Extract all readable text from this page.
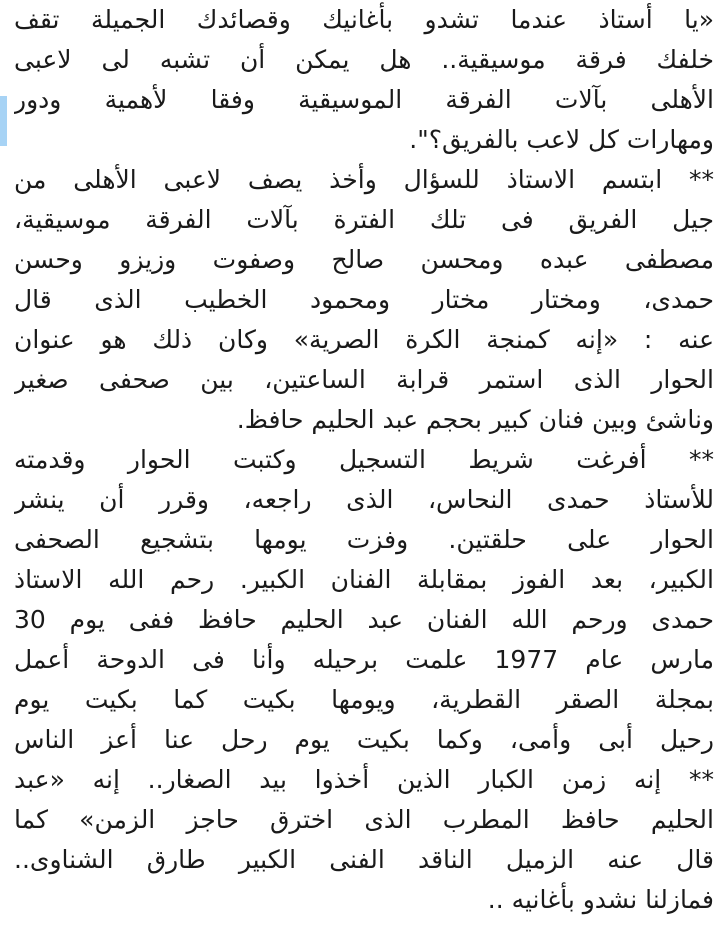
«يا أستاذ عندما تشدو بأغانيك وقصائدك الجميلة تقف
خلفك فرقة موسيقية.. هل يمكن أن تشبه لى لاعبى
الأهلى بآلات الفرقة الموسيقية وفقا لأهمية ودور
ومهارات كل لاعب بالفريق؟".
** ابتسم الاستاذ للسؤال وأخذ يصف لاعبى الأهلى من
جيل الفريق فى تلك الفترة بآلات الفرقة موسيقية،
مصطفى عبده ومحسن صالح وصفوت وزيزو وحسن
حمدى، ومختار مختار ومحمود الخطيب الذى قال
عنه : «إنه كمنجة الكرة الصرية» وكان ذلك هو عنوان
الحوار الذى استمر قرابة الساعتين، بين صحفى صغير
وناشئ وبين فنان كبير بحجم عبد الحليم حافظ.
** أفرغت شريط التسجيل وكتبت الحوار وقدمته
للأستاذ حمدى النحاس، الذى راجعه، وقرر أن ينشر
الحوار على حلقتين. وفزت يومها بتشجيع الصحفى
الكبير، بعد الفوز بمقابلة الفنان الكبير. رحم الله الاستاذ
حمدى ورحم الله الفنان عبد الحليم حافظ ففى يوم 30
مارس عام 1977 علمت برحيله وأنا فى الدوحة أعمل
بمجلة الصقر القطرية، ويومها بكيت كما بكيت يوم
رحيل أبى وأمى، وكما بكيت يوم رحل عنا أعز الناس
** إنه زمن الكبار الذين أخذوا بيد الصغار.. إنه «عبد
الحليم حافظ المطرب الذى اخترق حاجز الزمن» كما
قال عنه الزميل الناقد الفنى الكبير طارق الشناوى..
فمازلنا نشدو بأغانيه ..
